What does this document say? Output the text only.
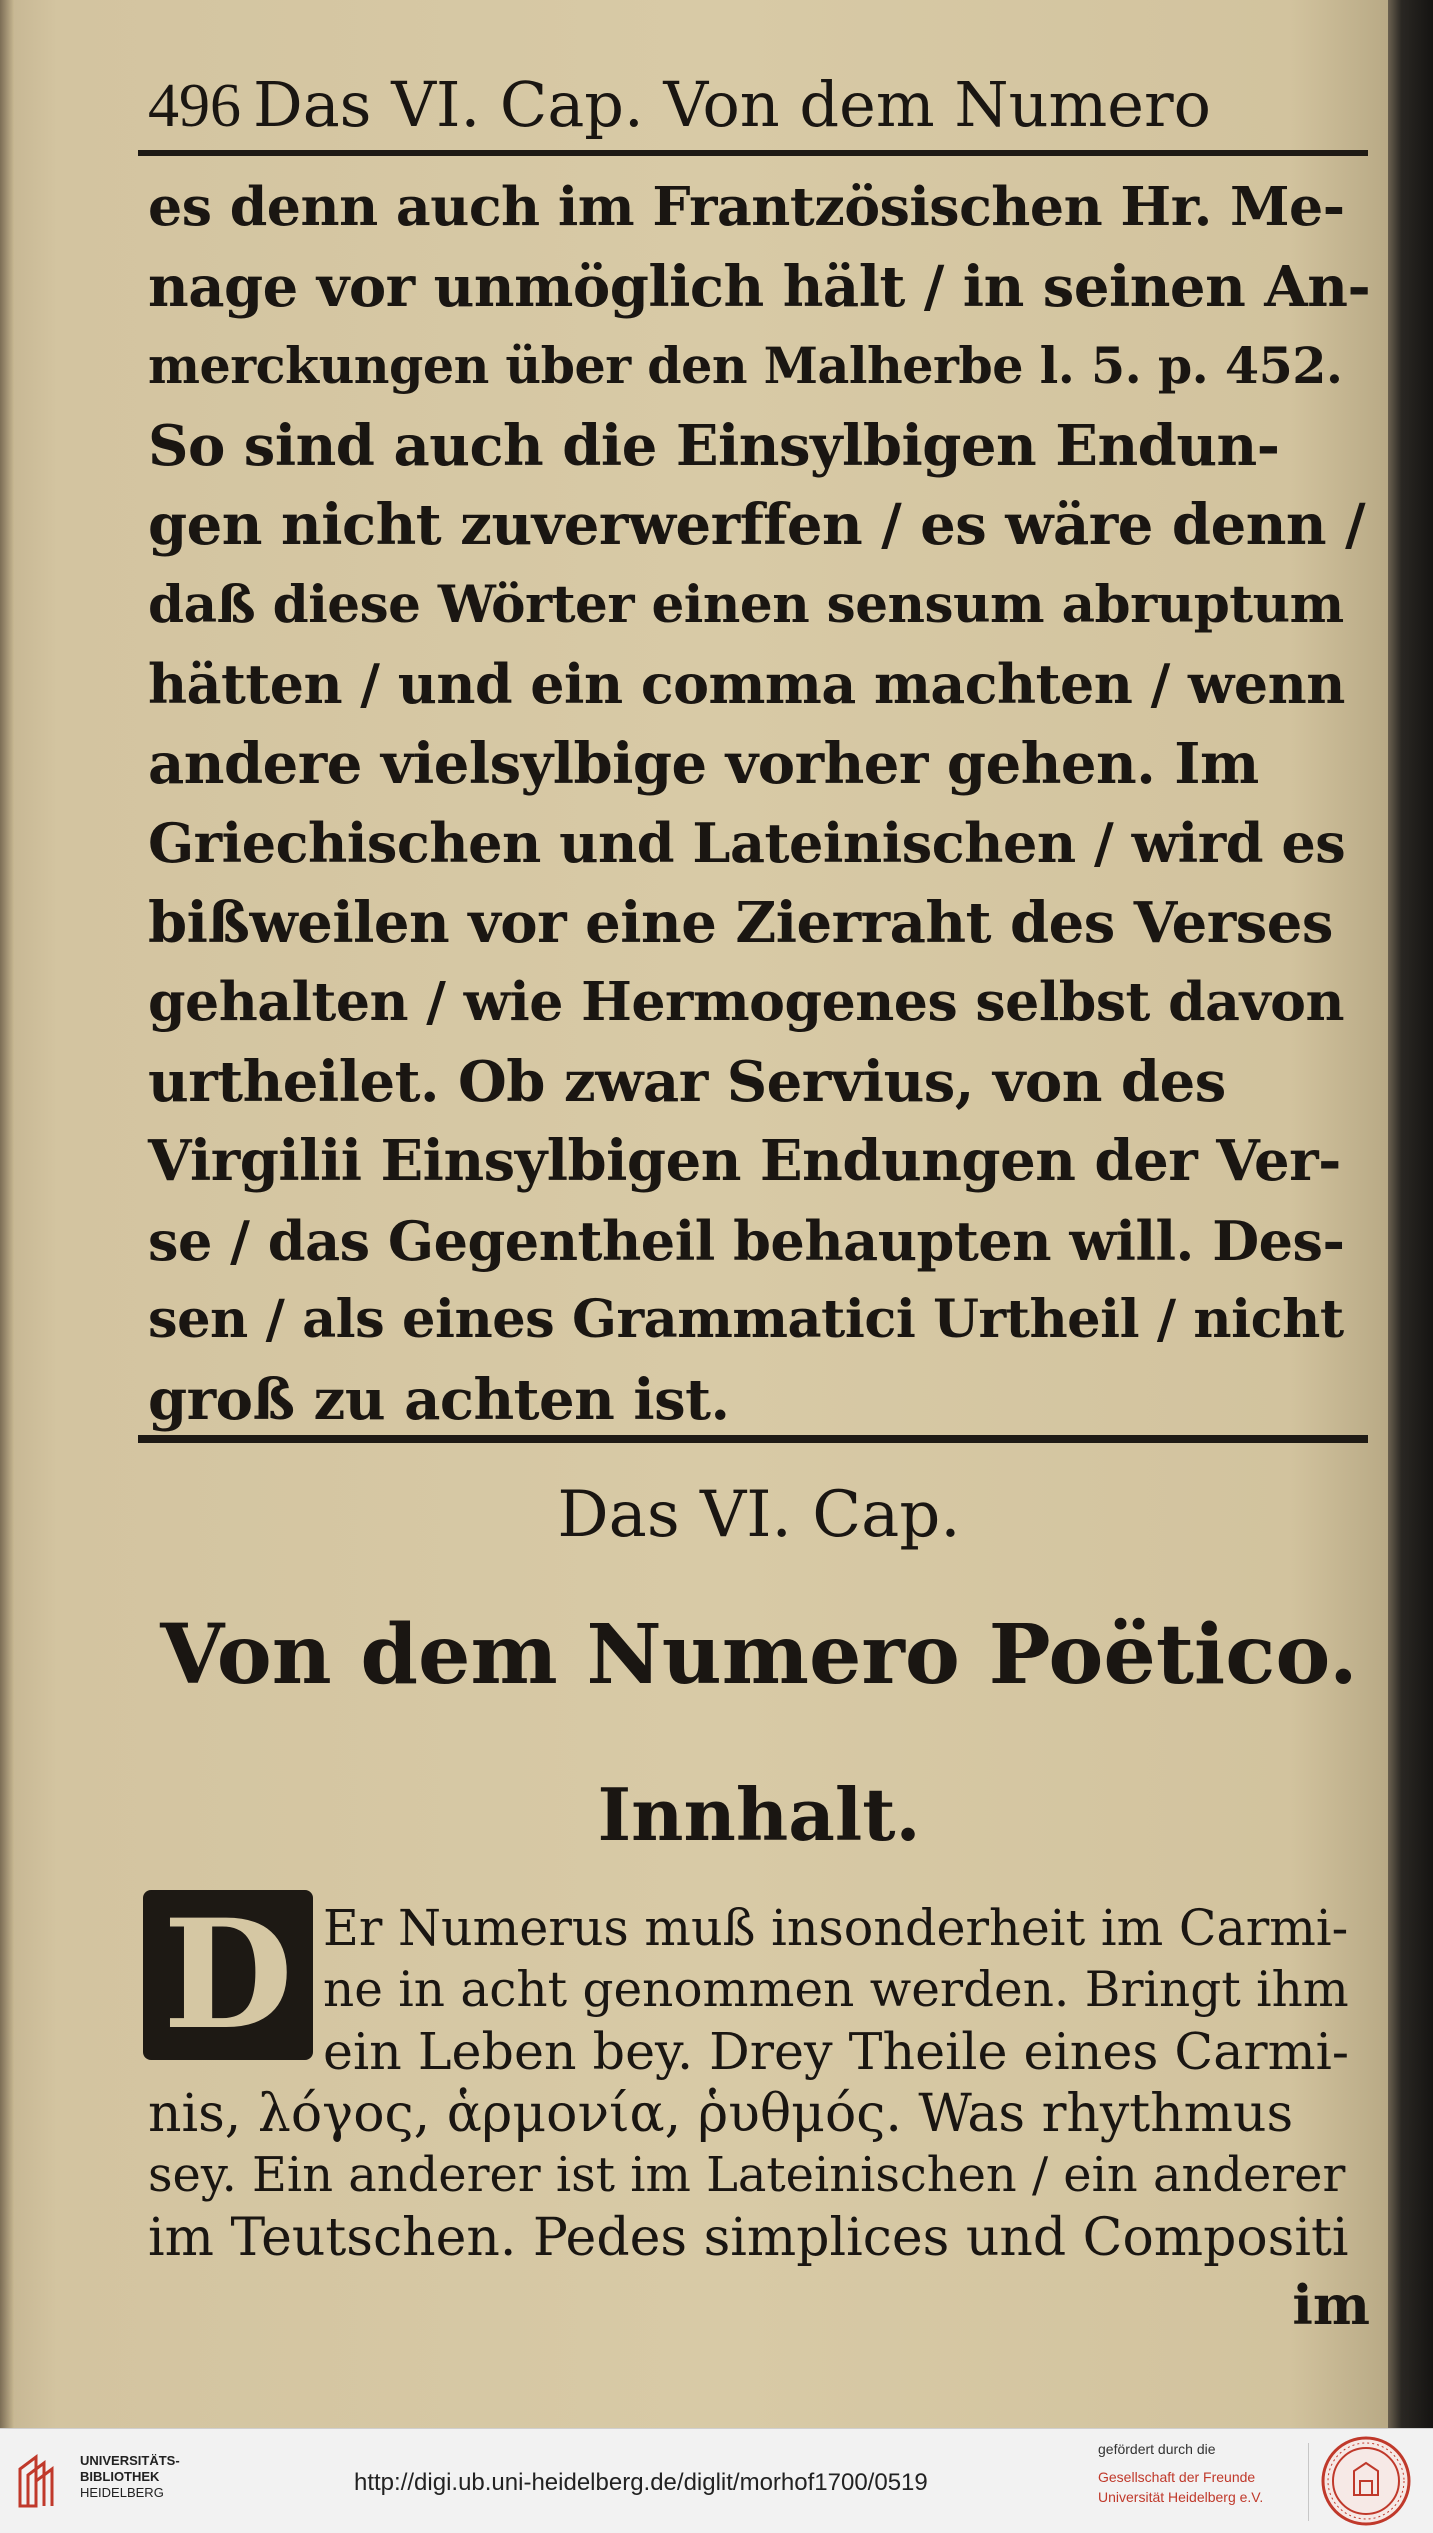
496 Das VI. Cap. Von dem Numero
es denn auch im Frantzösischen Hr. Me-
nage vor unmöglich hält / in seinen An-
merckungen über den Malherbe l. 5. p. 452.
So sind auch die Einsylbigen Endun-
gen nicht zuverwerffen / es wäre denn /
daß diese Wörter einen sensum abruptum
hätten / und ein comma machten / wenn
andere vielsylbige vorher gehen. Im
Griechischen und Lateinischen / wird es
bißweilen vor eine Zierraht des Verses
gehalten / wie Hermogenes selbst davon
urtheilet. Ob zwar Servius, von des
Virgilii Einsylbigen Endungen der Ver-
se / das Gegentheil behaupten will. Des-
sen / als eines Grammatici Urtheil / nicht
groß zu achten ist.
Das VI. Cap.
Von dem Numero Poëtico.
Innhalt.
D Er Numerus muß insonderheit im Carmi-
ne in acht genommen werden. Bringt ihm
ein Leben bey. Drey Theile eines Carmi-
nis, λόγος, ἁρμονία, ῥυθμός. Was rhythmus
sey. Ein anderer ist im Lateinischen / ein anderer
im Teutschen. Pedes simplices und Compositi
im
UNIVERSITÄTS-
BIBLIOTHEK
HEIDELBERG	http://digi.ub.uni-heidelberg.de/diglit/morhof1700/0519
gefördert durch die
Gesellschaft der Freunde
Universität Heidelberg e.V.
